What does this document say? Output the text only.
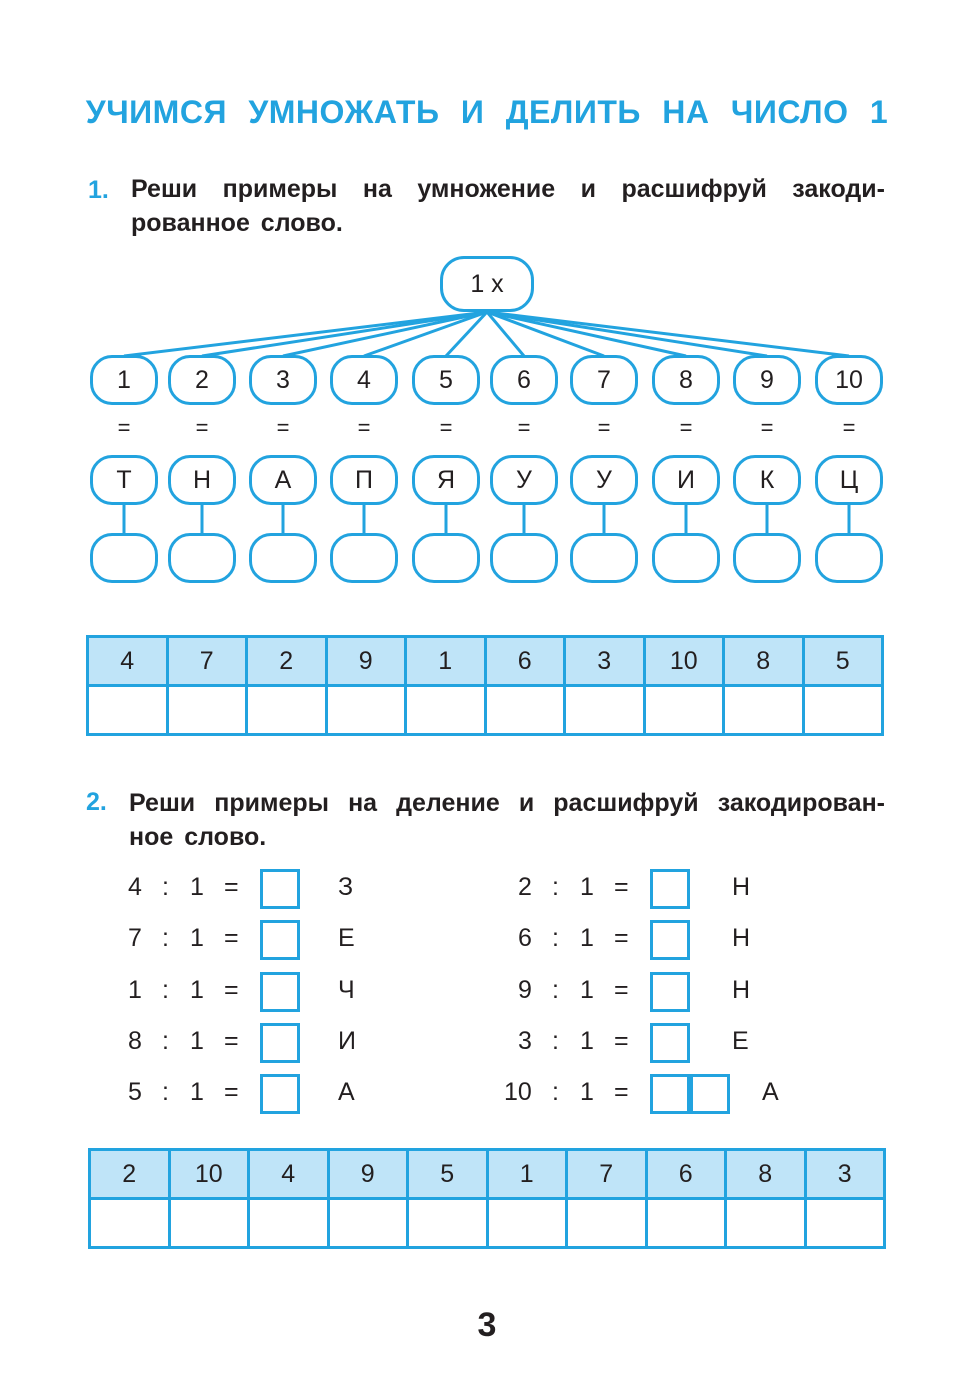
УЧИМСЯ УМНОЖАТЬ И ДЕЛИТЬ НА ЧИСЛО 1
1. Реши примеры на умножение и расшифруй закоди-
рованное слово.
1 х
1
=
Т
2
=
Н
3
=
А
4
=
П
5
=
Я
6
=
У
7
=
У
8
=
И
9
=
К
10
=
Ц
4	7	2	9	1	6	3	10	8	5

2. Реши примеры на деление и расшифруй закодирован-
ное слово.
4 : 1 =	З
7 : 1 =	Е
1 : 1 =	Ч
8 : 1 =	И
5 : 1 =	А
2 : 1 =	Н
6 : 1 =	Н
9 : 1 =	Н
3 : 1 =	Е
10 : 1 =	А
2	10	4	9	5	1	7	6	8	3

3
